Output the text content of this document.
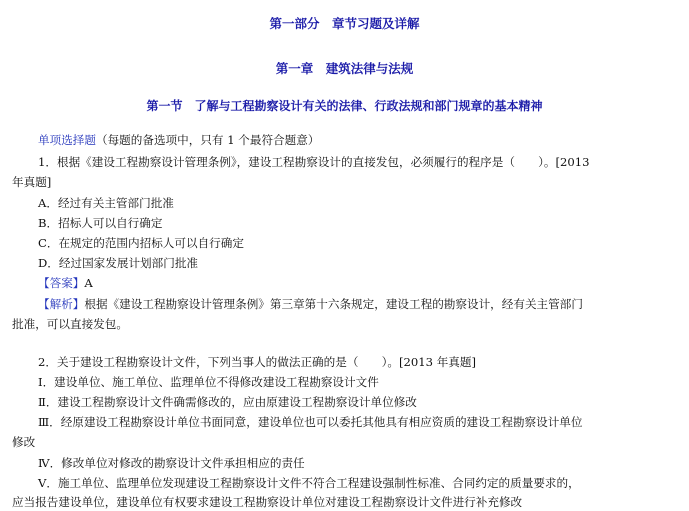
第一部分　章节习题及详解
第一章　建筑法律与法规
第一节　了解与工程勘察设计有关的法律、行政法规和部门规章的基本精神
单项选择题（每题的备选项中，只有 1 个最符合题意）
1．根据《建设工程勘察设计管理条例》，建设工程勘察设计的直接发包，必须履行的程序是（　　）。[2013
年真题]
A．经过有关主管部门批准
B．招标人可以自行确定
C．在规定的范围内招标人可以自行确定
D．经过国家发展计划部门批准
【答案】A
【解析】根据《建设工程勘察设计管理条例》第三章第十六条规定，建设工程的勘察设计，经有关主管部门
批准，可以直接发包。
2．关于建设工程勘察设计文件，下列当事人的做法正确的是（　　）。[2013 年真题]
Ⅰ．建设单位、施工单位、监理单位不得修改建设工程勘察设计文件
Ⅱ．建设工程勘察设计文件确需修改的，应由原建设工程勘察设计单位修改
Ⅲ．经原建设工程勘察设计单位书面同意，建设单位也可以委托其他具有相应资质的建设工程勘察设计单位
修改
Ⅳ．修改单位对修改的勘察设计文件承担相应的责任
Ⅴ．施工单位、监理单位发现建设工程勘察设计文件不符合工程建设强制性标准、合同约定的质量要求的，
应当报告建设单位，建设单位有权要求建设工程勘察设计单位对建设工程勘察设计文件进行补充修改
